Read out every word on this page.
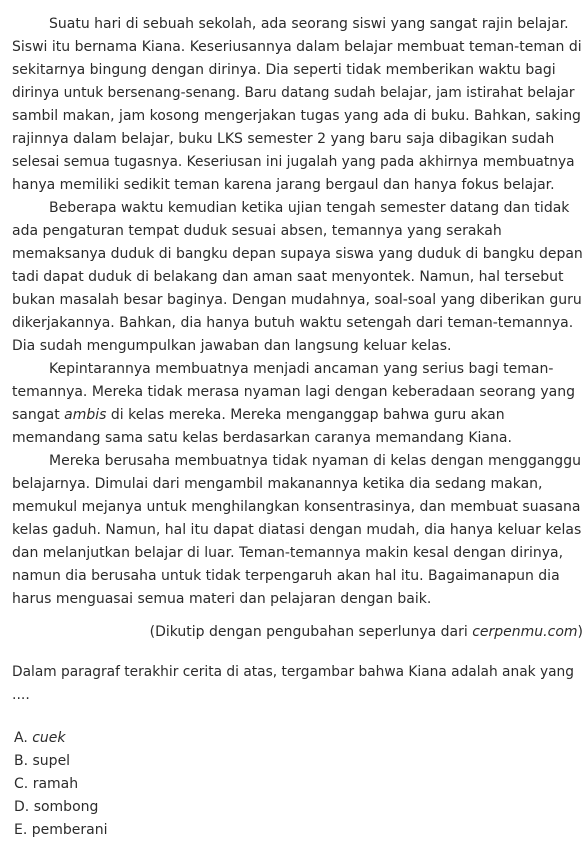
Suatu hari di sebuah sekolah, ada seorang siswi yang sangat rajin belajar.
Siswi itu bernama Kiana. Keseriusannya dalam belajar membuat teman-teman di
sekitarnya bingung dengan dirinya. Dia seperti tidak memberikan waktu bagi
dirinya untuk bersenang-senang. Baru datang sudah belajar, jam istirahat belajar
sambil makan, jam kosong mengerjakan tugas yang ada di buku. Bahkan, saking
rajinnya dalam belajar, buku LKS semester 2 yang baru saja dibagikan sudah
selesai semua tugasnya. Keseriusan ini jugalah yang pada akhirnya membuatnya
hanya memiliki sedikit teman karena jarang bergaul dan hanya fokus belajar.
Beberapa waktu kemudian ketika ujian tengah semester datang dan tidak
ada pengaturan tempat duduk sesuai absen, temannya yang serakah
memaksanya duduk di bangku depan supaya siswa yang duduk di bangku depan
tadi dapat duduk di belakang dan aman saat menyontek. Namun, hal tersebut
bukan masalah besar baginya. Dengan mudahnya, soal-soal yang diberikan guru
dikerjakannya. Bahkan, dia hanya butuh waktu setengah dari teman-temannya.
Dia sudah mengumpulkan jawaban dan langsung keluar kelas.
Kepintarannya membuatnya menjadi ancaman yang serius bagi teman-
temannya. Mereka tidak merasa nyaman lagi dengan keberadaan seorang yang
sangat ambis di kelas mereka. Mereka menganggap bahwa guru akan
memandang sama satu kelas berdasarkan caranya memandang Kiana.
Mereka berusaha membuatnya tidak nyaman di kelas dengan mengganggu
belajarnya. Dimulai dari mengambil makanannya ketika dia sedang makan,
memukul mejanya untuk menghilangkan konsentrasinya, dan membuat suasana
kelas gaduh. Namun, hal itu dapat diatasi dengan mudah, dia hanya keluar kelas
dan melanjutkan belajar di luar. Teman-temannya makin kesal dengan dirinya,
namun dia berusaha untuk tidak terpengaruh akan hal itu. Bagaimanapun dia
harus menguasai semua materi dan pelajaran dengan baik.
(Dikutip dengan pengubahan seperlunya dari cerpenmu.com)
Dalam paragraf terakhir cerita di atas, tergambar bahwa Kiana adalah anak yang
....
A. cuek
B. supel
C. ramah
D. sombong
E. pemberani
